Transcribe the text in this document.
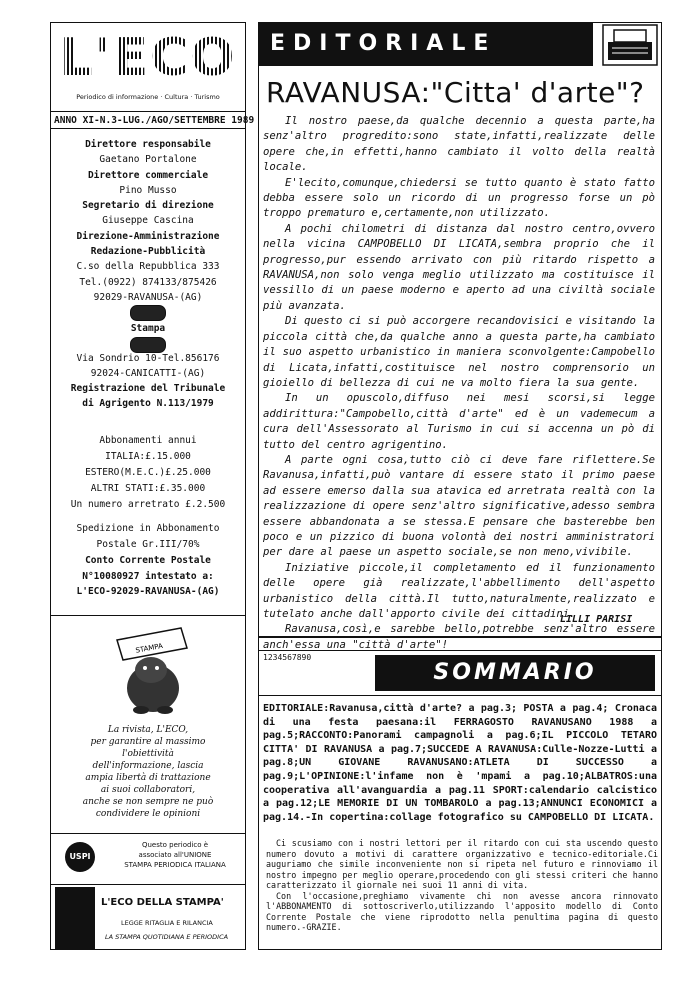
L'ECO
Periodico di informazione · Cultura · Turismo
ANNO XI-N.3-LUG./AGO/SETTEMBRE 1989
Direttore responsabile
Gaetano Portalone
Direttore commerciale
Pino Musso
Segretario di direzione
Giuseppe Cascina
Direzione-Amministrazione
Redazione-Pubblicità
C.so della Repubblica 333
Tel.(0922) 874133/875426
92029-RAVANUSA-(AG)
Stampa
Via Sondrio 10-Tel.856176
92024-CANICATTI-(AG)
Registrazione del Tribunale
di Agrigento N.113/1979
Abbonamenti annui
ITALIA:£.15.000
ESTERO(M.E.C.)£.25.000
ALTRI STATI:£.35.000
Un numero arretrato £.2.500
Spedizione in Abbonamento
Postale Gr.III/70%
Conto Corrente Postale
N°10080927 intestato a:
L'ECO-92029-RAVANUSA-(AG)
STAMPA
La rivista, L'ECO,
per garantire al massimo
l'obiettività
dell'informazione, lascia
ampia libertà di trattazione
ai suoi collaboratori,
anche se non sempre ne può
condividere le opinioni
USPI
Questo periodico è
associato all'UNIONE
STAMPA PERIODICA ITALIANA
L'ECO DELLA STAMPA'
LEGGE RITAGLIA E RILANCIA
LA STAMPA QUOTIDIANA E PERIODICA
EDITORIALE
RAVANUSA:"Citta' d'arte"?

Il nostro paese,da qualche decennio a questa parte,ha senz'altro progredito:sono state,infatti,realizzate delle opere che,in effetti,hanno cambiato il volto della realtà locale.

E'lecito,comunque,chiedersi se tutto quanto è stato fatto debba essere solo un ricordo di un progresso forse un pò troppo prematuro e,certamente,non utilizzato.

A pochi chilometri di distanza dal nostro centro,ovvero nella vicina CAMPOBELLO DI LICATA,sembra proprio che il progresso,pur essendo arrivato con più ritardo rispetto a RAVANUSA,non solo venga meglio utilizzato ma costituisce il vessillo di un paese moderno e aperto ad una civiltà sociale più avanzata.

Di questo ci si può accorgere recandovisici e visitando la piccola città che,da qualche anno a questa parte,ha cambiato il suo aspetto urbanistico in maniera sconvolgente:Campobello di Licata,infatti,costituisce nel nostro comprensorio un gioiello di bellezza di cui ne va molto fiera la sua gente.

In un opuscolo,diffuso nei mesi scorsi,si legge addirittura:"Campobello,città d'arte" ed è un vademecum a cura dell'Assessorato al Turismo in cui si accenna un pò di tutto del centro agrigentino.

A parte ogni cosa,tutto ciò ci deve fare riflettere.Se Ravanusa,infatti,può vantare di essere stato il primo paese ad essere emerso dalla sua atavica ed arretrata realtà con la realizzazione di opere senz'altro significative,adesso sembra essere abbandonata a se stessa.E pensare che basterebbe ben poco e un pizzico di buona volontà dei nostri amministratori per dare al paese un aspetto sociale,se non meno,vivibile.

Iniziative piccole,il completamento ed il funzionamento delle opere già realizzate,l'abbellimento dell'aspetto urbanistico della città.Il tutto,naturalmente,realizzato e tutelato anche dall'apporto civile dei cittadini.

Ravanusa,così,e sarebbe bello,potrebbe senz'altro essere anch'essa una "città d'arte"!

LILLI PARISI
1234567890
SOMMARIO
EDITORIALE:Ravanusa,città d'arte? a pag.3; POSTA a pag.4; Cronaca di una festa paesana:il FERRAGOSTO RAVANUSANO 1988 a pag.5;RACCONTO:Panorami campagnoli a pag.6;IL PICCOLO TETARO CITTA' DI RAVANUSA a pag.7;SUCCEDE A RAVANUSA:Culle-Nozze-Lutti a pag.8;UN GIOVANE RAVANUSANO:ATLETA DI SUCCESSO a pag.9;L'OPINIONE:l'infame non è 'mpami a pag.10;ALBATROS:una cooperativa all'avanguardia a pag.11 SPORT:calendario calcistico a pag.12;LE MEMORIE DI UN TOMBAROLO a pag.13;ANNUNCI ECONOMICI a pag.14.-In copertina:collage fotografico su CAMPOBELLO DI LICATA.

Ci scusiamo con i nostri lettori per il ritardo con cui sta uscendo questo numero dovuto a motivi di carattere organizzativo e tecnico-editoriale.Ci auguriamo che simile inconveniente non si ripeta nel futuro e rinnoviamo il nostro impegno per meglio operare,procedendo con gli stessi criteri che hanno caratterizzato il giornale nei suoi 11 anni di vita.

Con l'occasione,preghiamo vivamente chi non avesse ancora rinnovato l'ABBONAMENTO di sottoscriverlo,utilizzando l'apposito modello di Conto Corrente Postale che viene riprodotto nella penultima pagina di questo numero.-GRAZIE.
